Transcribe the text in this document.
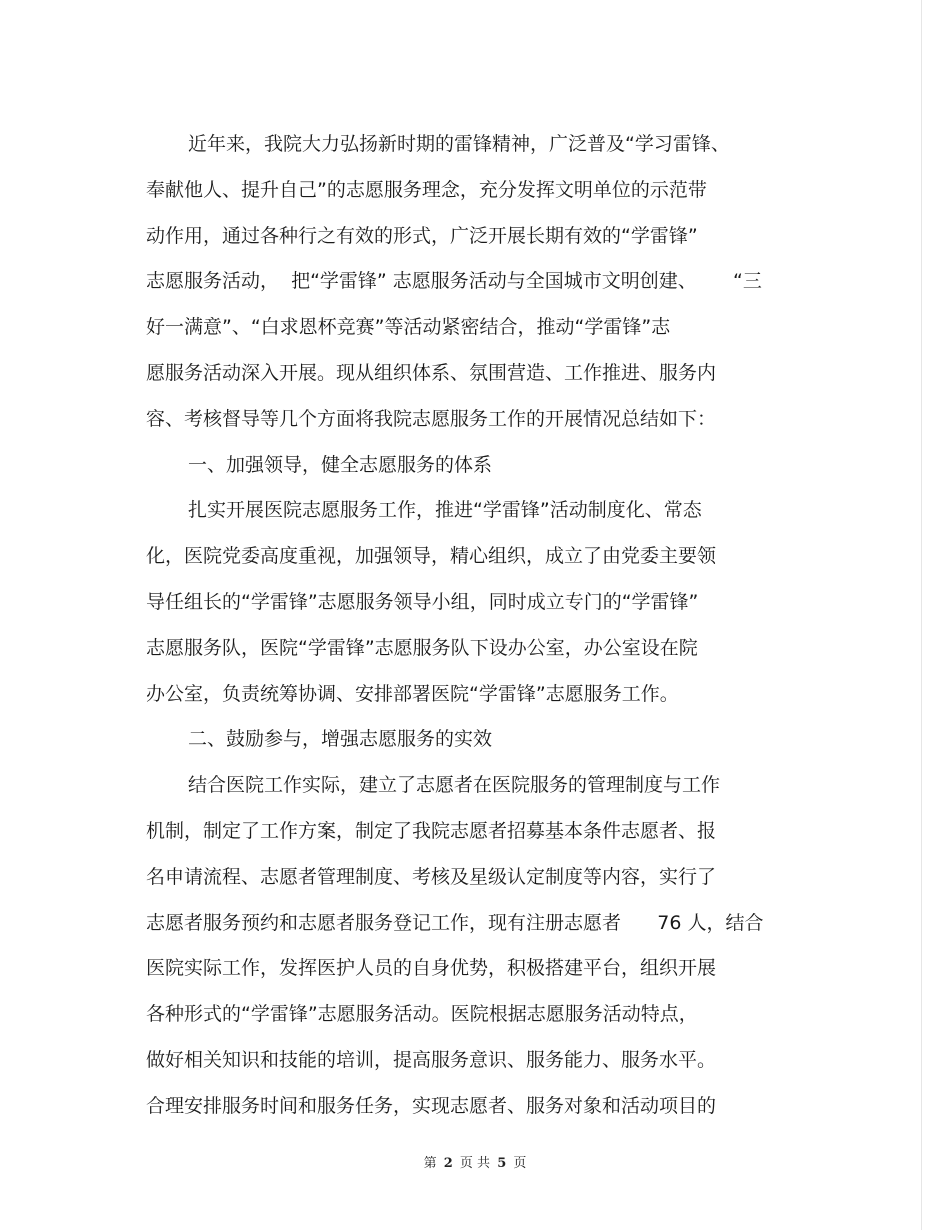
近年来，我院大力弘扬新时期的雷锋精神，广泛普及“学习雷锋、
奉献他人、提升自己”的志愿服务理念，充分发挥文明单位的示范带
动作用，通过各种行之有效的形式，广泛开展长期有效的“学雷锋”
志愿服务活动，  把“学雷锋” 志愿服务活动与全国城市文明创建、      “三
好一满意”、“白求恩杯竞赛”等活动紧密结合，推动“学雷锋”志
愿服务活动深入开展。现从组织体系、氛围营造、工作推进、服务内
容、考核督导等几个方面将我院志愿服务工作的开展情况总结如下：
一、加强领导，健全志愿服务的体系
扎实开展医院志愿服务工作，推进“学雷锋”活动制度化、常态
化，医院党委高度重视，加强领导，精心组织，成立了由党委主要领
导任组长的“学雷锋”志愿服务领导小组，同时成立专门的“学雷锋”
志愿服务队，医院“学雷锋”志愿服务队下设办公室，办公室设在院
办公室，负责统筹协调、安排部署医院“学雷锋”志愿服务工作。
二、鼓励参与，增强志愿服务的实效
结合医院工作实际，建立了志愿者在医院服务的管理制度与工作
机制，制定了工作方案，制定了我院志愿者招募基本条件志愿者、报
名申请流程、志愿者管理制度、考核及星级认定制度等内容，实行了
志愿者服务预约和志愿者服务登记工作，现有注册志愿者      76 人，结合
医院实际工作，发挥医护人员的自身优势，积极搭建平台，组织开展
各种形式的“学雷锋”志愿服务活动。医院根据志愿服务活动特点，
做好相关知识和技能的培训，提高服务意识、服务能力、服务水平。
合理安排服务时间和服务任务，实现志愿者、服务对象和活动项目的
第 2 页 共 5 页
